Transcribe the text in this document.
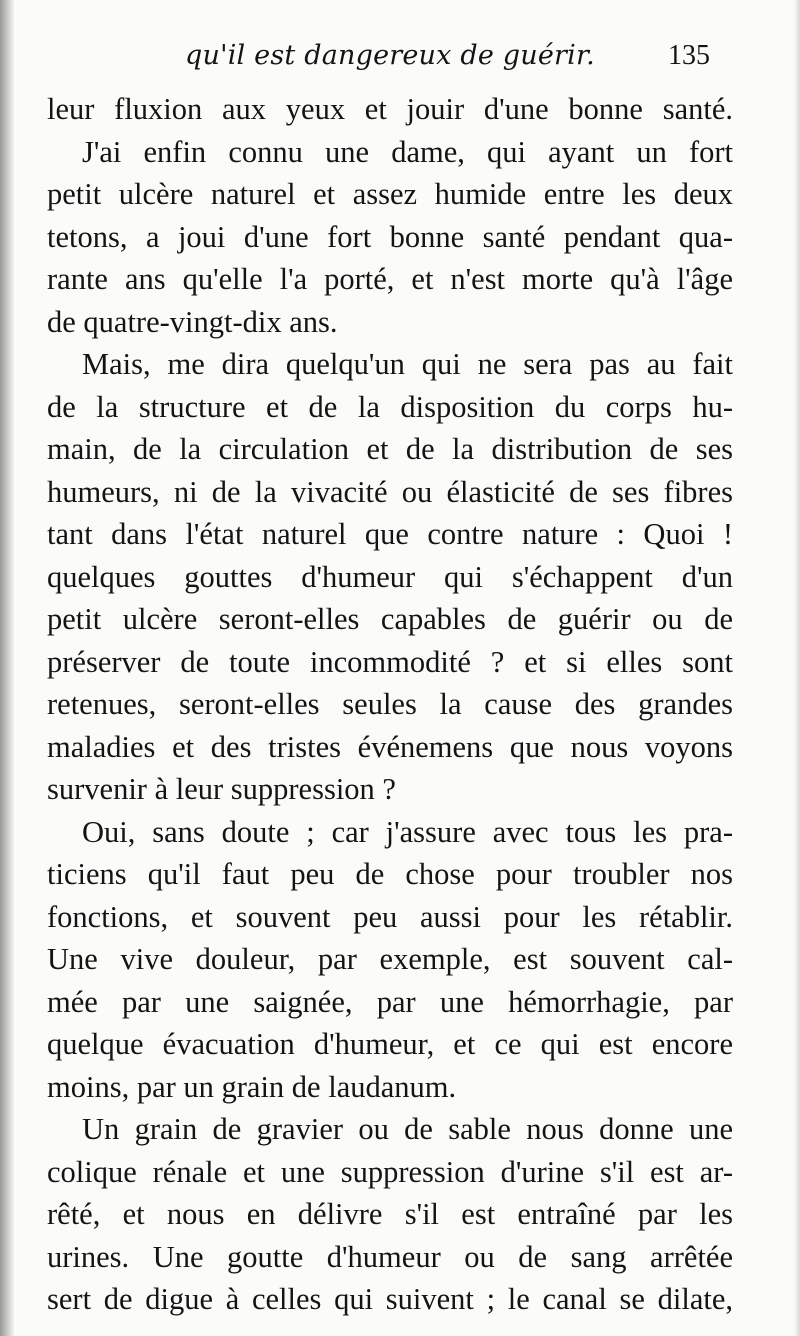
qu'il est dangereux de guérir.	135
leur fluxion aux yeux et jouir d'une bonne santé.
J'ai enfin connu une dame, qui ayant un fort
petit ulcère naturel et assez humide entre les deux
tetons, a joui d'une fort bonne santé pendant qua-
rante ans qu'elle l'a porté, et n'est morte qu'à l'âge
de quatre-vingt-dix ans.
Mais, me dira quelqu'un qui ne sera pas au fait
de la structure et de la disposition du corps hu-
main, de la circulation et de la distribution de ses
humeurs, ni de la vivacité ou élasticité de ses fibres
tant dans l'état naturel que contre nature : Quoi !
quelques gouttes d'humeur qui s'échappent d'un
petit ulcère seront-elles capables de guérir ou de
préserver de toute incommodité ? et si elles sont
retenues, seront-elles seules la cause des grandes
maladies et des tristes événemens que nous voyons
survenir à leur suppression ?
Oui, sans doute ; car j'assure avec tous les pra-
ticiens qu'il faut peu de chose pour troubler nos
fonctions, et souvent peu aussi pour les rétablir.
Une vive douleur, par exemple, est souvent cal-
mée par une saignée, par une hémorrhagie, par
quelque évacuation d'humeur, et ce qui est encore
moins, par un grain de laudanum.
Un grain de gravier ou de sable nous donne une
colique rénale et une suppression d'urine s'il est ar-
rêté, et nous en délivre s'il est entraîné par les
urines. Une goutte d'humeur ou de sang arrêtée
sert de digue à celles qui suivent ; le canal se dilate,
